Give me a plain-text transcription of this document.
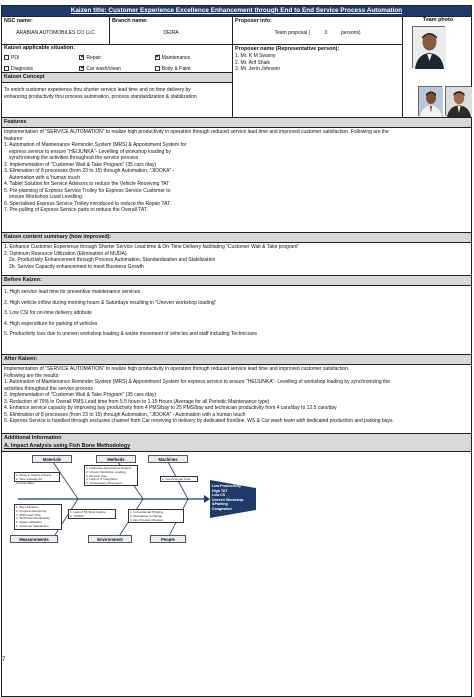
Kaizen title: Customer Experience Excellence Enhancement through End to End Service Process Automation
NSC name:
ARABIAN AUTOMOBILES CO LLC
Branch name:
DEIRA
Proposer info:
Team proposal (	3	persons)
Proposer name (Representative person):
1. Mr. K M Swamy
2. Mr. Arif Shaik
3. Mr. Jerin Johnson
Kaizen applicable situation:
PDI ✔	Repair ✔	Maintenance
Diagnosis ✔	Car wash/clean	Body & Paint
Kaizen Concept
To enrich customer experience thru shorter service lead time and on time delivery by
enhancing productivity thru process automation, process standardization & stabilization
Team photo
Features
Implementation of "SERVICE AUTOMATION" to realize high productivity in operation through reduced service lead time and improved customer satisfaction. Following are the
features:
1. Automation of Maintenance Reminder System (MRS) & Appointment System for
express service to ensure "HEIJUNKA"- Levelling of workshop loading by
synchronising the activities throughout the service process
2. Implementation of "Customer Wait & Take Program" (35 cars /day)
3. Elimination of 8 processes (from 23 to 15) through Automation, "JIDOKA" -
Automation with a 'human touch
4. Tablet Solution for Service Advisors to reduce the Vehicle Receiving TAT
5. Pre-planning of Express Service Trolley for Express Service Customer to
ensure Workshop Load Levelling.
6. Specialised Express Service Trolley introduced to reduce the Repair TAT.
7. Pre-pulling of Express Service parts to reduce the Overall TAT.
Kaizen content summary (how improved):
1. Enhance Customer Experience through Shorter Service Lead time & On-Time Delivery facilitating "Customer Wait & Take program"
2. Optimum Resource Utilization (Elimination of MUDA)
2a. Productivity Enhancement through Process Automation, Standardization and Stabilization
2b. Service Capacity enhancement to meet Business Growth
Before Kaizen:
1. High service lead time for preventive maintenance services
2. High vehicle inflow during morning hours & Saturdays resulting in "Uneven workshop loading"
3. Low CSI for on-time delivery attribute
4. High expenditure for parking of vehicles
5. Productivity loss due to uneven workshop loading & waste movement of vehicles and staff including Technicians
After Kaizen:
Implementation of "SERVICE AUTOMATION" to realize high productivity in operation through reduced service lead time and improved customer satisfaction.
Following are the results:
1. Automation of Maintenance Reminder System (MRS) & Appointment System for express service to ensure "HEIJUNKA"- Levelling of workshop loading by synchronizing the
activities throughout the service process
2. Implementation of "Customer Wait & Take Program" (35 cars /day)
3. Reduction of 79% in Overall PMS Lead time from 5.5 hours to 1.15 Hours (Average for all Periodic Maintenance type)
4. Enhance service capacity by improving bay productivity from 4 PMS/bay to 25 PMS/bay and technician productivity from 4 cars/day to 12.5 cars/day
5. Elimination of 8 processes (from 23 to 15) through Automation, "JIDOKA" - Automation with a human touch
6. Express Service is handled through exclusive channel from Car receiving to delivery by dedicated frontline, WS & Car wash team with dedicated production and parking bays.
Additional Information
A. Impact Analysis using Fish Bone Methodology
Materials	Methods	Machines
Measurements	Environment	People
1. Delay in Supply of Parts
2. Time wastage for Consumables
1. Ineffective Appointment System
2. Uneven Workshop Loading
3. Process Gap
4. Lack of IT Integration
5. Unnecessary Movement
1. Conventional Tools
1. Bay Utilization
2. Progress Monitoring
3. PMS Lead Time
4. Technician Productivity
5. Space Utilization
6. Customer Satisfaction
1. Lack of 5S Work Culture
2. "MUDA"
1. Conventional Thinking
2. Resistance to change
3. Non Process Oriented
Low Productivity
High TAT
Low CS
Uneven Workshop &Parking
Congestion
7
